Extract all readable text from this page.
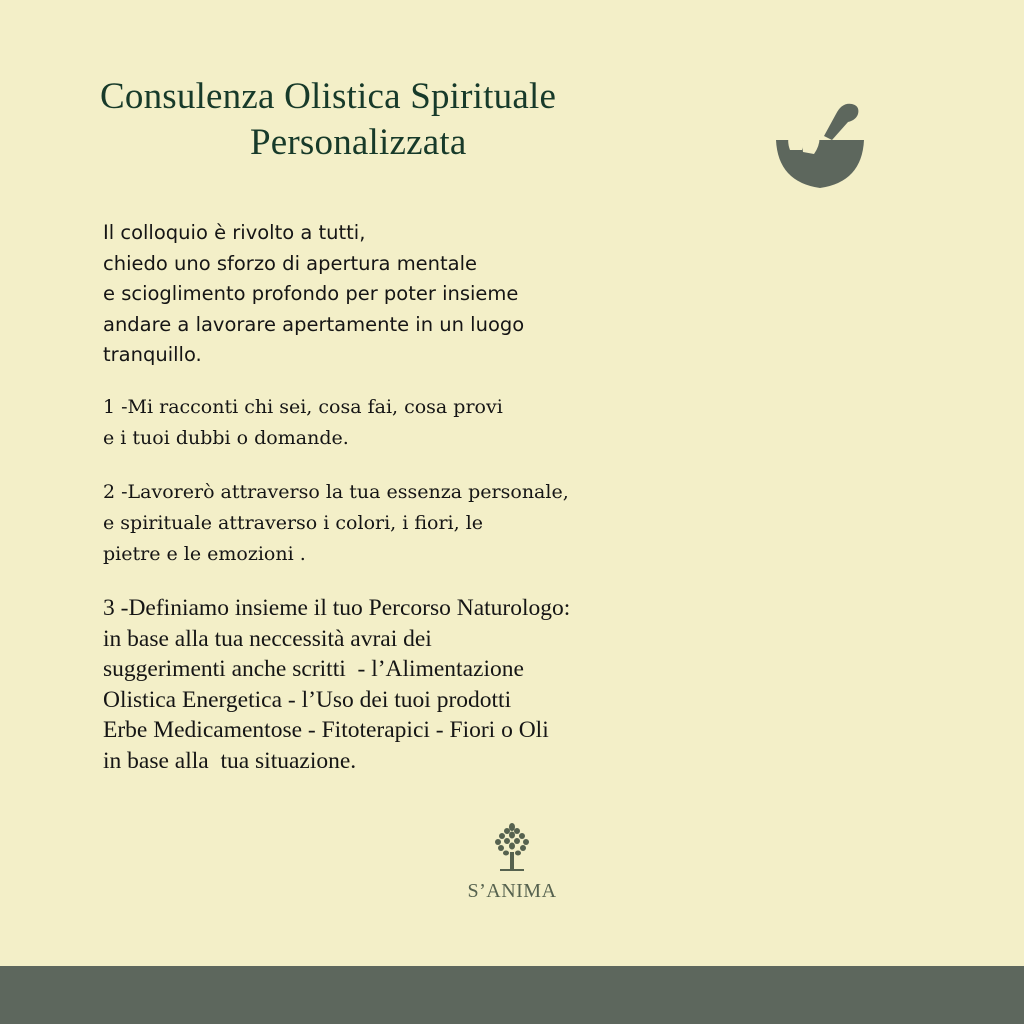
Consulenza Olistica Spirituale
Personalizzata
Il colloquio è rivolto a tutti,
chiedo uno sforzo di apertura mentale
e scioglimento profondo per poter insieme
andare a lavorare apertamente in un luogo
tranquillo.
1 -Mi racconti chi sei, cosa fai, cosa provi
e i tuoi dubbi o domande.
2 -Lavorerò attraverso la tua essenza personale,
e spirituale attraverso i colori, i fiori, le
pietre e le emozioni .
3 -Definiamo insieme il tuo Percorso Naturologo:
in base alla tua neccessità avrai dei
suggerimenti anche scritti  - l’Alimentazione
Olistica Energetica - l’Uso dei tuoi prodotti
Erbe Medicamentose - Fitoterapici - Fiori o Oli
in base alla  tua situazione.
S’ANIMA
